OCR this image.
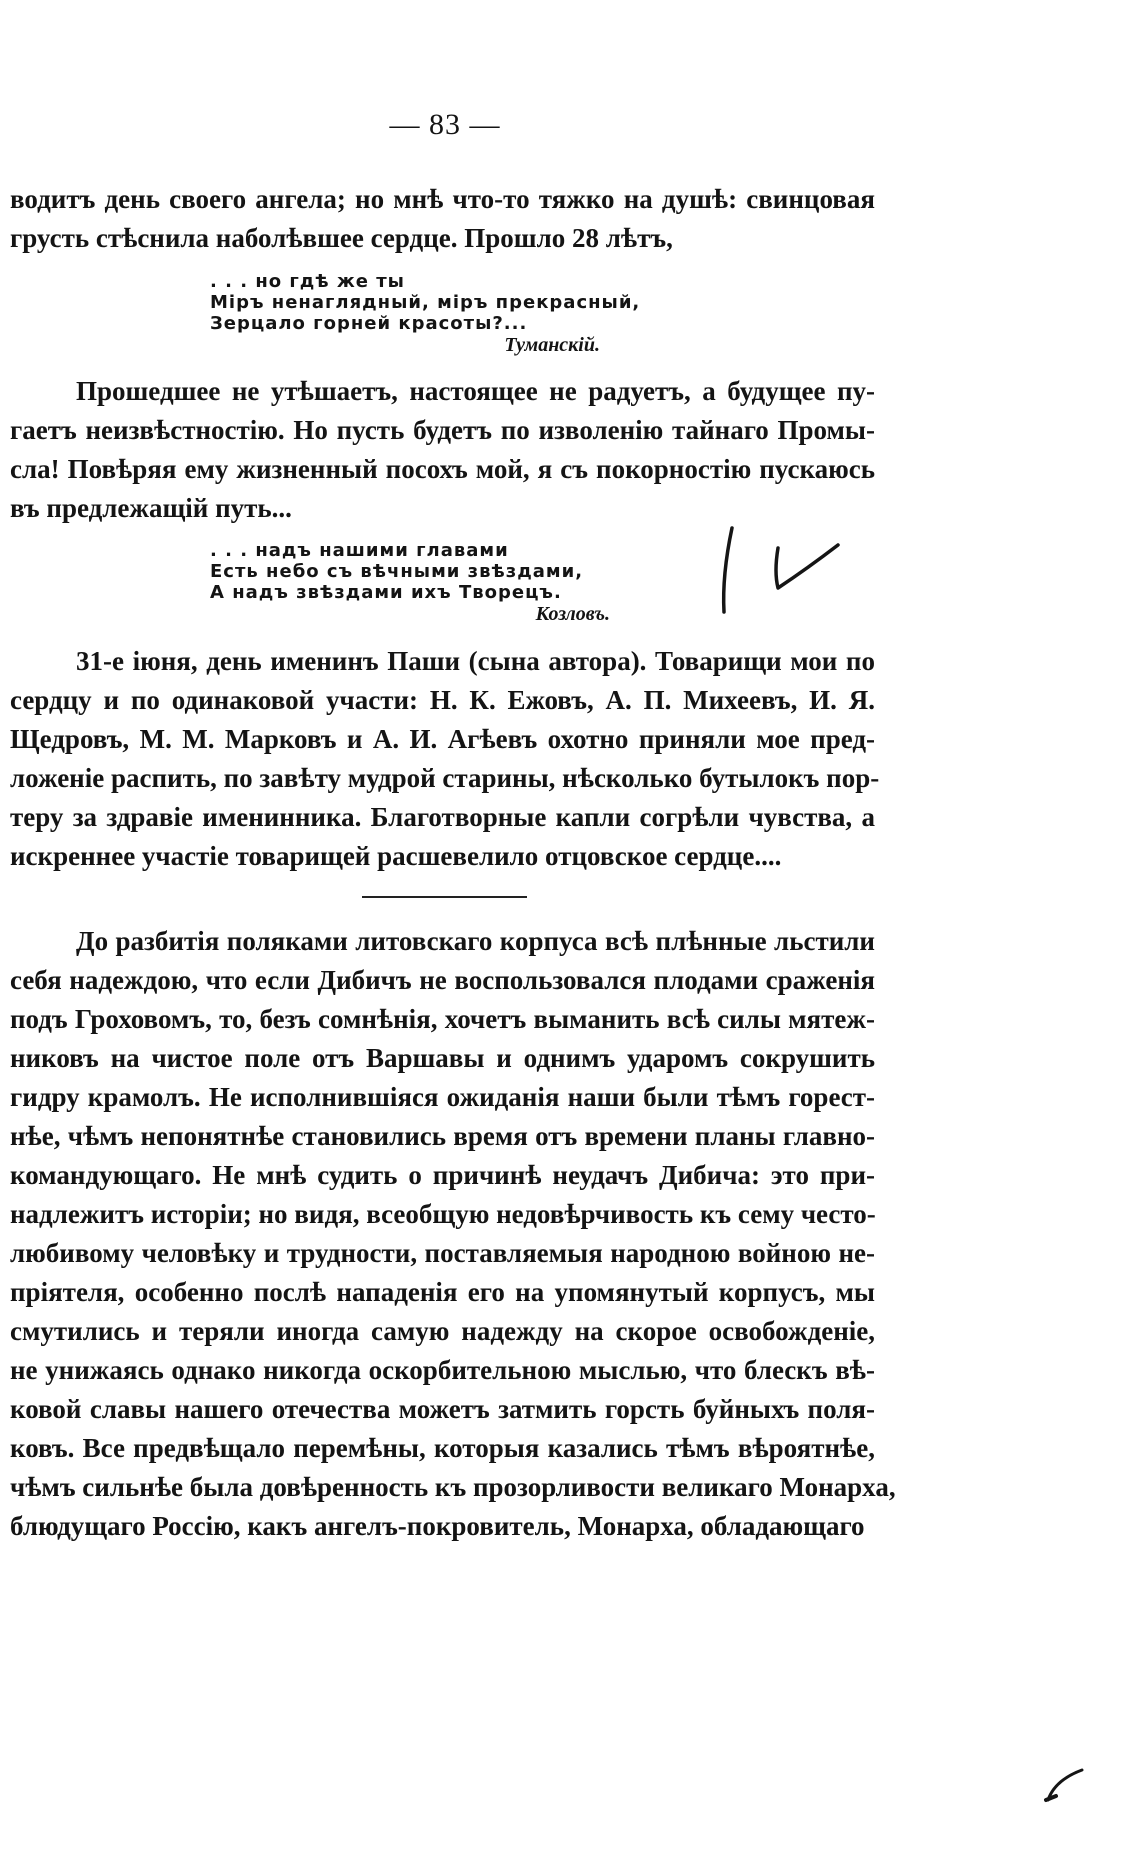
— 83 —
водитъ день своего ангела; но мнѣ что-то тяжко на душѣ: свинцовая
грусть стѣснила наболѣвшее сердце. Прошло 28 лѣтъ,
. . . но гдѣ же ты
Міръ ненаглядный, міръ прекрасный,
Зерцало горней красоты?...
Туманскій.
Прошедшее не утѣшаетъ, настоящее не радуетъ, а будущее пу-
гаетъ неизвѣстностію. Но пусть будетъ по изволенію тайнаго Промы-
сла! Повѣряя ему жизненный посохъ мой, я съ покорностію пускаюсь
въ предлежащій путь...
. . . надъ нашими главами
Есть небо съ вѣчными звѣздами,
А надъ звѣздами ихъ Творецъ.
Козловъ.
31-е іюня, день именинъ Паши (сына автора). Товарищи мои по
сердцу и по одинаковой участи: Н. К. Ежовъ, А. П. Михеевъ, И. Я.
Щедровъ, М. М. Марковъ и А. И. Агѣевъ охотно приняли мое пред-
ложеніе распить, по завѣту мудрой старины, нѣсколько бутылокъ пор-
теру за здравіе именинника. Благотворные капли согрѣли чувства, а
искреннее участіе товарищей расшевелило отцовское сердце....
До разбитія поляками литовскаго корпуса всѣ плѣнные льстили
себя надеждою, что если Дибичъ не воспользовался плодами сраженія
подъ Гроховомъ, то, безъ сомнѣнія, хочетъ выманить всѣ силы мятеж-
никовъ на чистое поле отъ Варшавы и однимъ ударомъ сокрушить
гидру крамолъ. Не исполнившіяся ожиданія наши были тѣмъ горест-
нѣе, чѣмъ непонятнѣе становились время отъ времени планы главно-
командующаго. Не мнѣ судить о причинѣ неудачъ Дибича: это при-
надлежитъ исторіи; но видя, всеобщую недовѣрчивость къ сему често-
любивому человѣку и трудности, поставляемыя народною войною не-
пріятеля, особенно послѣ нападенія его на упомянутый корпусъ, мы
смутились и теряли иногда самую надежду на скорое освобожденіе,
не унижаясь однако никогда оскорбительною мыслью, что блескъ вѣ-
ковой славы нашего отечества можетъ затмить горсть буйныхъ поля-
ковъ. Все предвѣщало перемѣны, которыя казались тѣмъ вѣроятнѣе,
чѣмъ сильнѣе была довѣренность къ прозорливости великаго Монарха,
блюдущаго Россію, какъ ангелъ-покровитель, Монарха, обладающаго
